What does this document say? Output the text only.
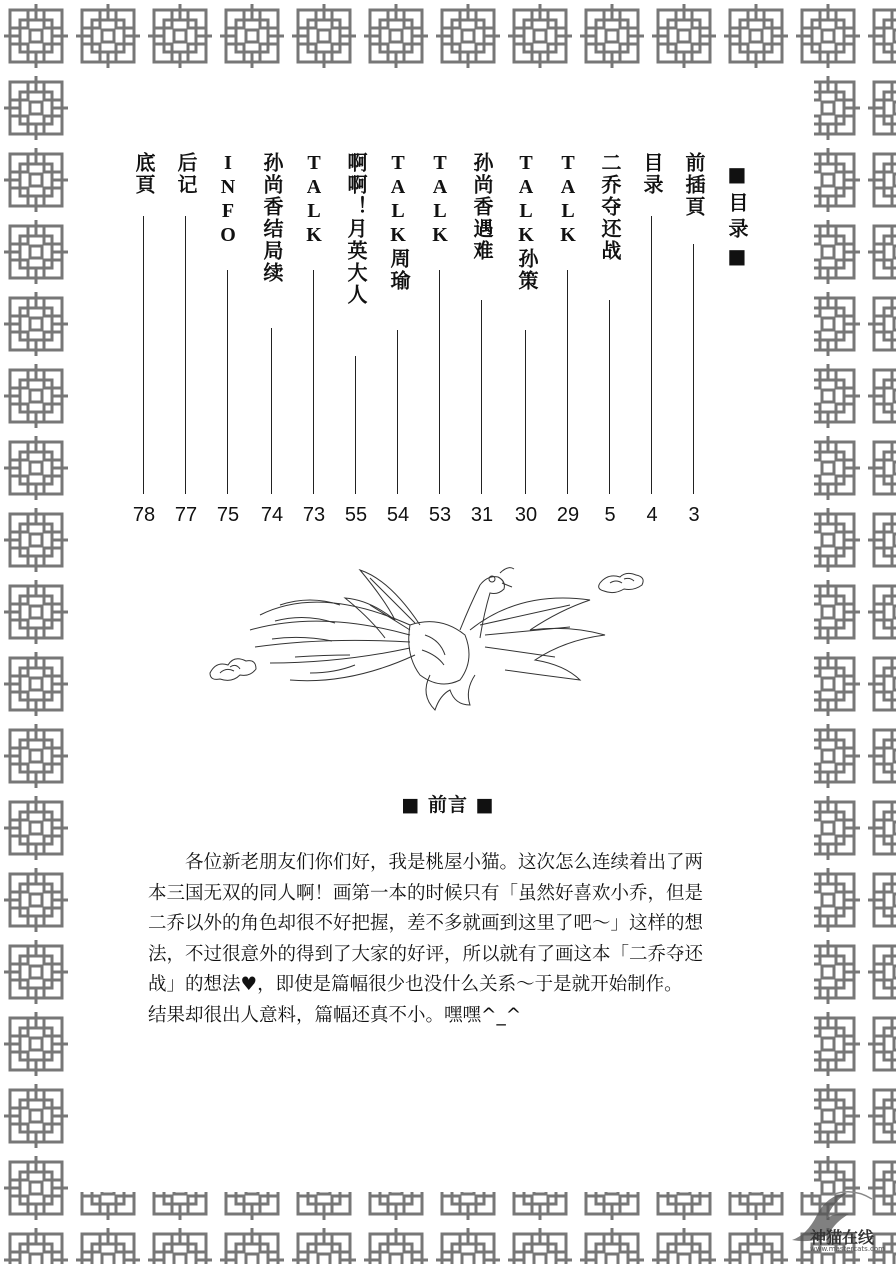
■目录■
前插頁
3
目录
4
二乔夺还战
5
TALK
29
TALK孙策
30
孙尚香遇难
31
TALK
53
TALK周瑜
54
啊啊！月英大人
55
TALK
73
孙尚香结局续
74
INFO
75
后记
77
底頁
78
■ 前言 ■

　　各位新老朋友们你们好，我是桃屋小猫。这次怎么连续着出了两

本三国无双的同人啊！画第一本的时候只有「虽然好喜欢小乔，但是

二乔以外的角色却很不好把握，差不多就画到这里了吧～」这样的想

法，不过很意外的得到了大家的好评，所以就有了画这本「二乔夺还

战」的想法♥，即使是篇幅很少也没什么关系～于是就开始制作。

结果却很出人意料，篇幅还真不小。嘿嘿^_^

神猫在线
www.mastercats.com
